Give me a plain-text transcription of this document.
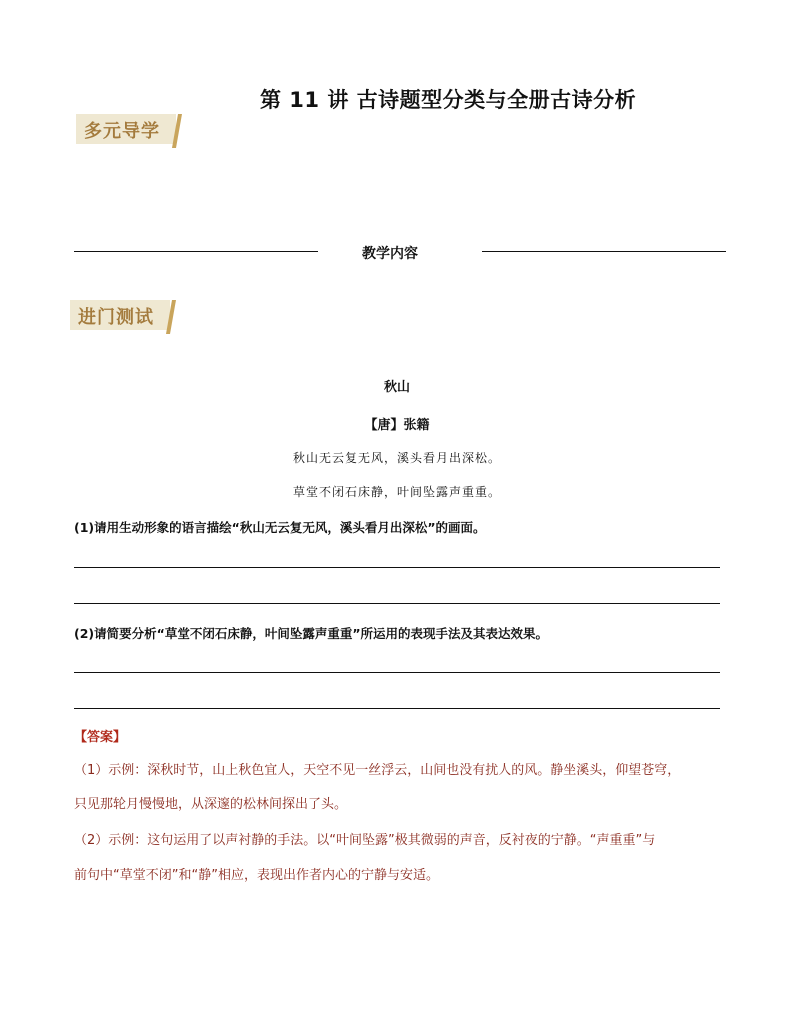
第 11 讲 古诗题型分类与全册古诗分析
多元导学
教学内容
进门测试
秋山
【唐】张籍
秋山无云复无风，溪头看月出深松。
草堂不闭石床静，叶间坠露声重重。
(1)请用生动形象的语言描绘“秋山无云复无风，溪头看月出深松”的画面。
(2)请简要分析“草堂不闭石床静，叶间坠露声重重”所运用的表现手法及其表达效果。
【答案】
（1）示例：深秋时节，山上秋色宜人，天空不见一丝浮云，山间也没有扰人的风。静坐溪头，仰望苍穹，
只见那轮月慢慢地，从深邃的松林间探出了头。
（2）示例：这句运用了以声衬静的手法。以“叶间坠露”极其微弱的声音，反衬夜的宁静。“声重重”与
前句中“草堂不闭”和“静”相应，表现出作者内心的宁静与安适。
